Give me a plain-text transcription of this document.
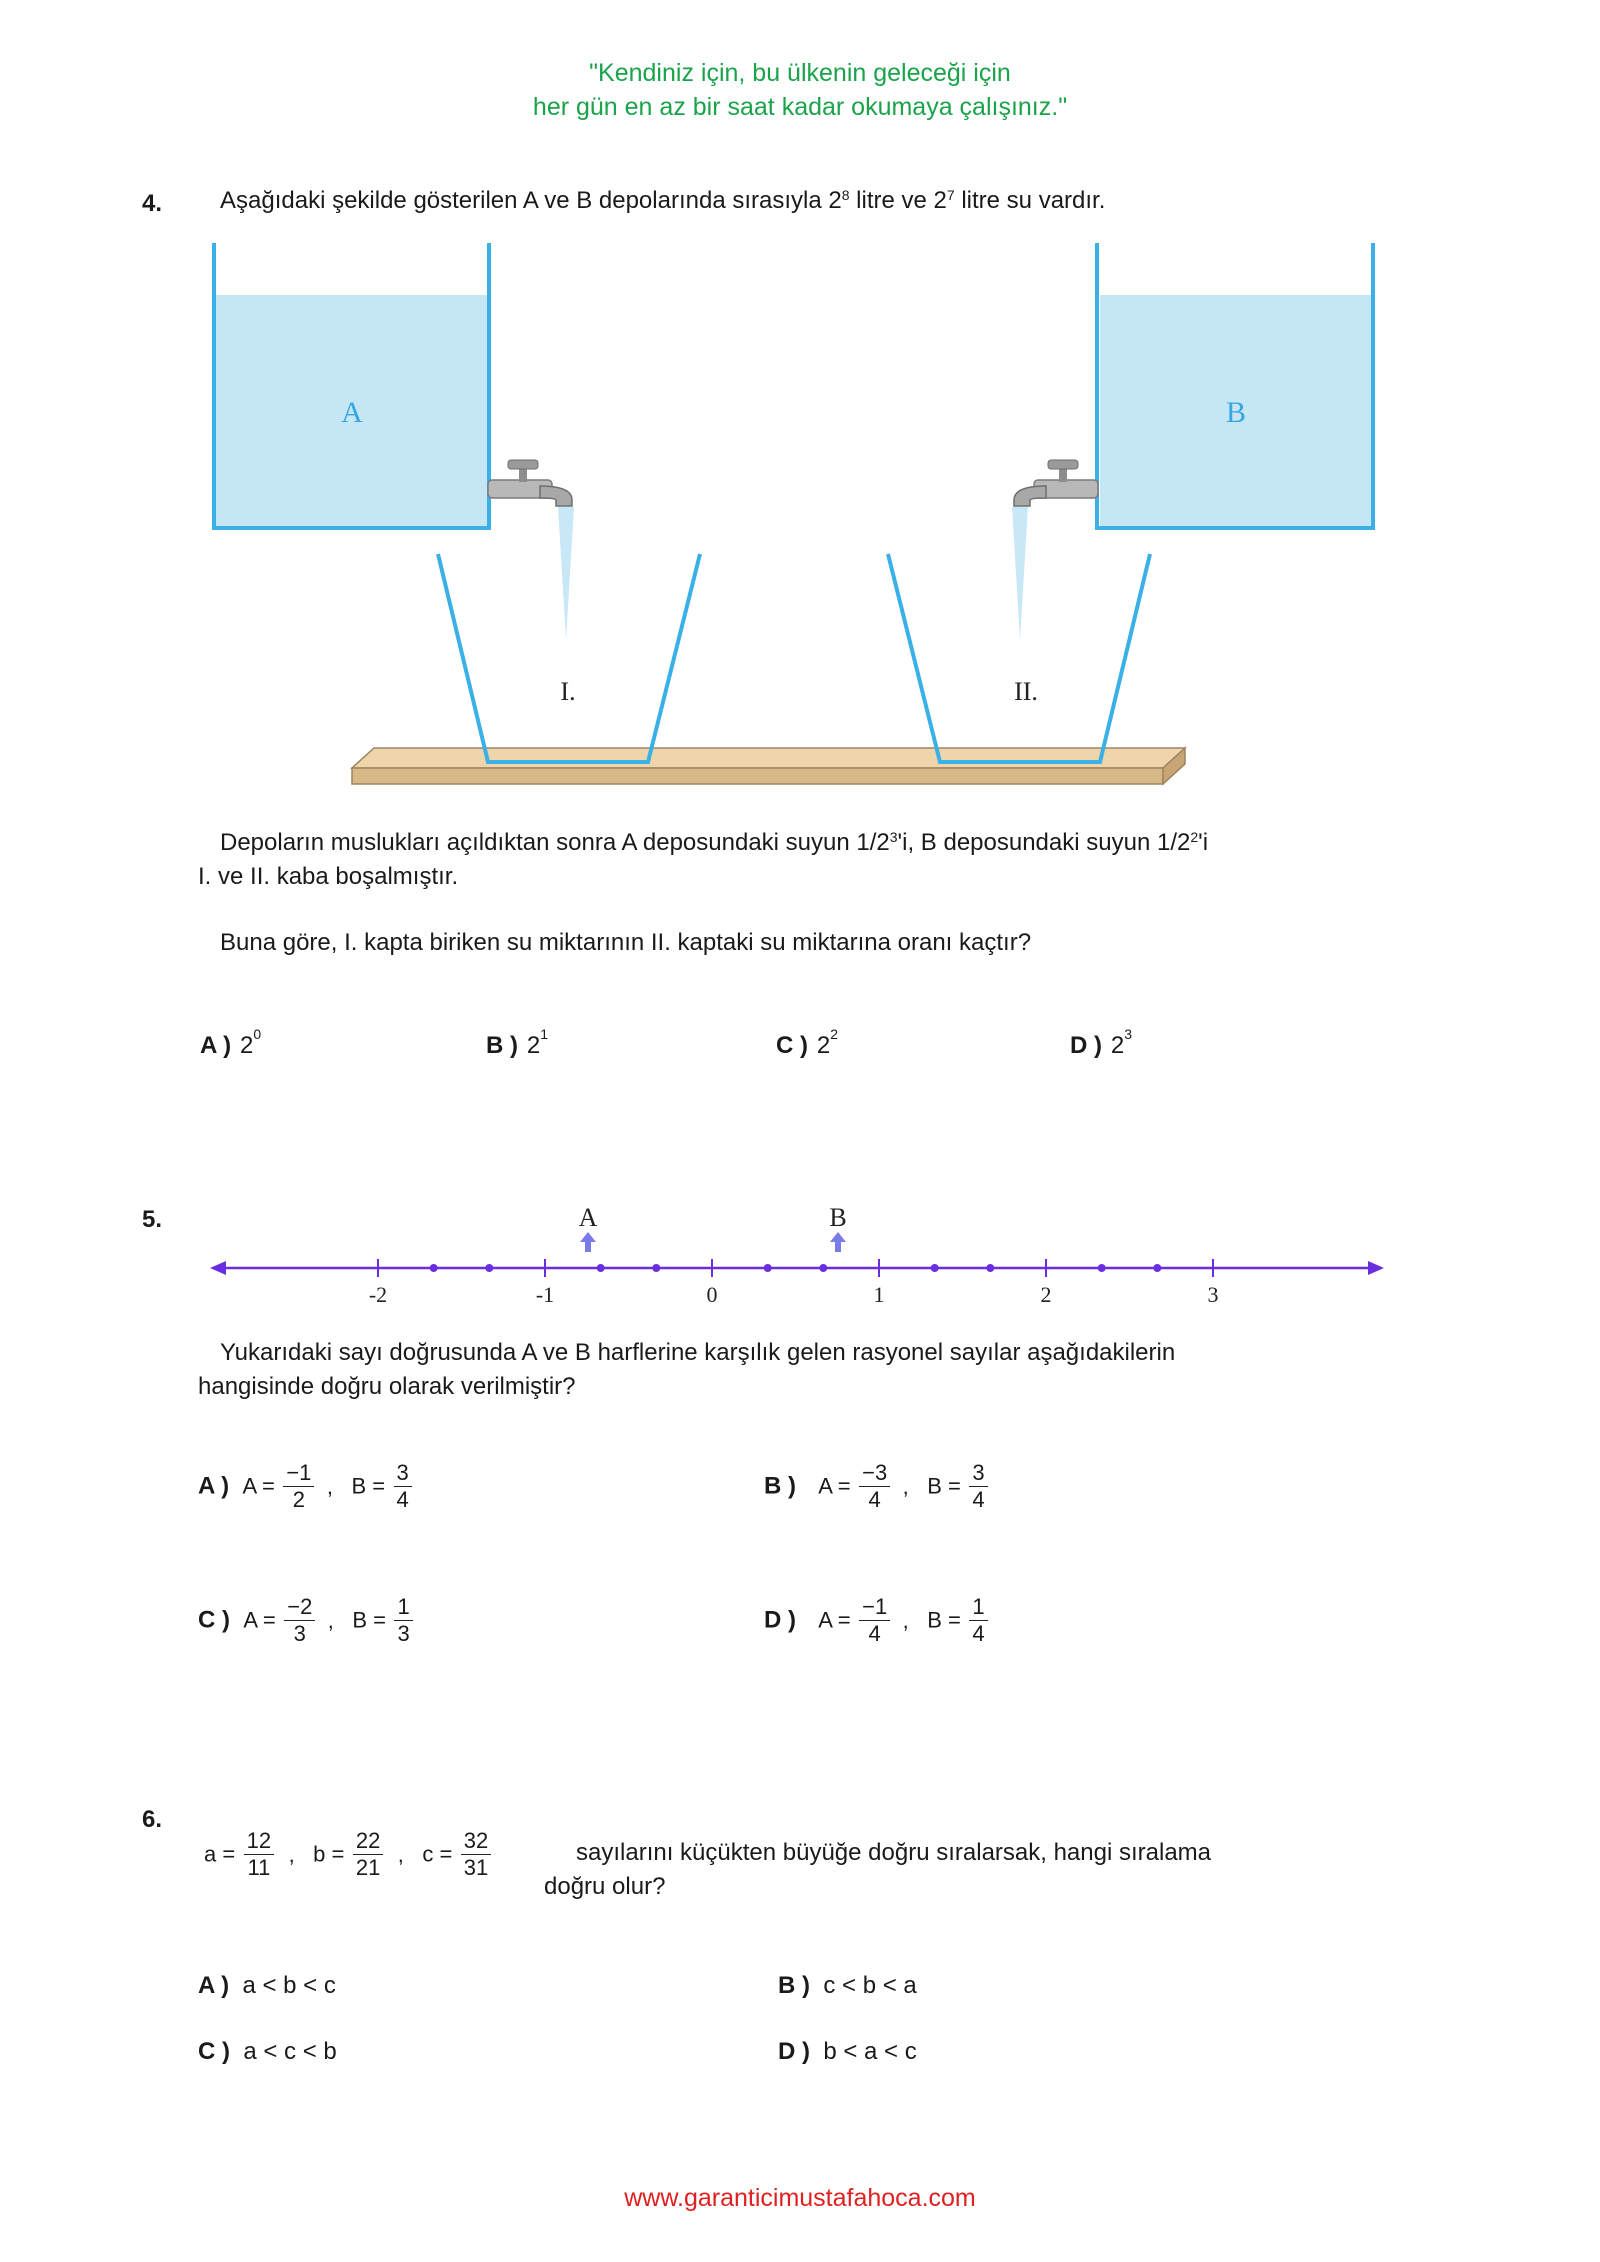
"Kendiniz için, bu ülkenin geleceği için
her gün en az bir saat kadar okumaya çalışınız."
4. Aşağıdaki şekilde gösterilen A ve B depolarında sırasıyla $2^8$ litre ve $2^7$ litre su vardır.
A	B
I.	II.
Depoların muslukları açıldıktan sonra A deposundaki suyun $1/2^3'i$, B deposundaki suyun $1/2^2'i$
I. ve II. kaba boşalmıştır.
Buna göre, I. kapta biriken su miktarının II. kaptaki su miktarına oranı kaçtır?
A ) $2^0$	B ) $2^1$	C ) $2^2$	D ) $2^3$
5.
-2	-1	0	1	2	3
A	B
Yukarıdaki sayı doğrusunda A ve B harflerine karşılık gelen rasyonel sayılar aşağıdakilerin
hangisinde doğru olarak verilmiştir?
A ) $A = \frac{-1}{2}$ , $B = \frac{3}{4}$	B ) $A = \frac{-3}{4}$ , $B = \frac{3}{4}$
C ) $A = \frac{-2}{3}$ , $B = \frac{1}{3}$	D ) $A = \frac{-1}{4}$ , $B = \frac{1}{4}$
6.
$a = \frac{12}{11}$ , $b = \frac{22}{21}$ , $c = \frac{32}{31}$	sayılarını küçükten büyüğe doğru sıralarsak, hangi sıralama
doğru olur?
A ) a < b < c	B ) c < b < a
C ) a < c < b	D ) b < a < c
www.garanticimustafahoca.com
